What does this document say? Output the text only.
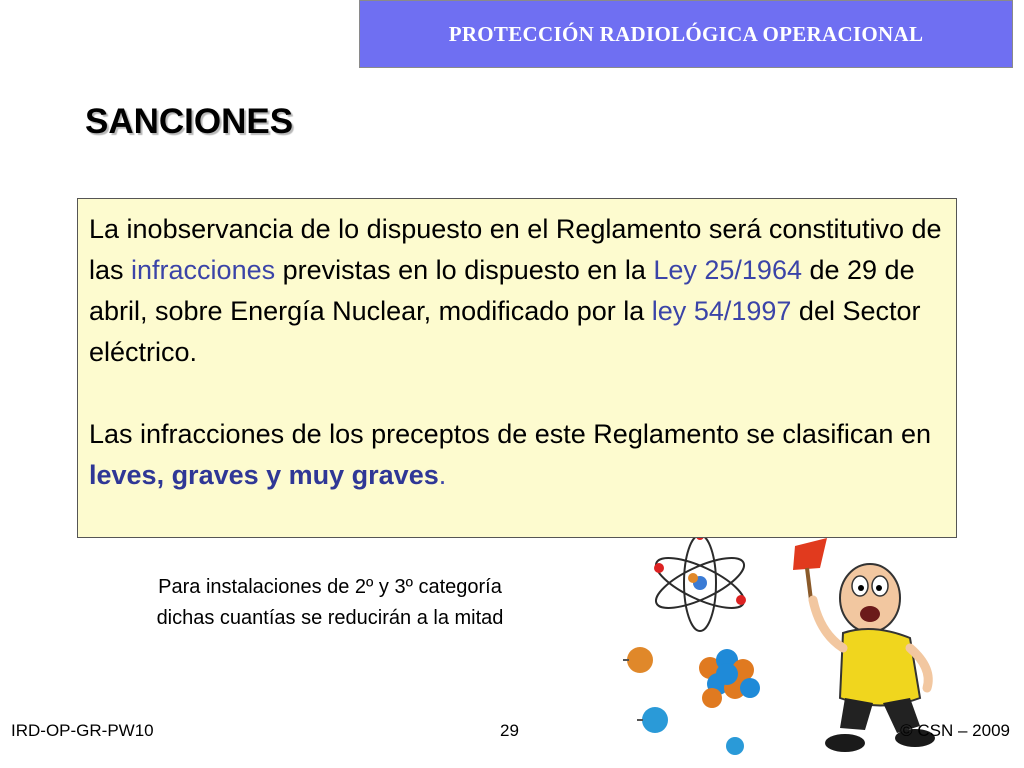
PROTECCIÓN RADIOLÓGICA OPERACIONAL
SANCIONES

La inobservancia de lo dispuesto en el Reglamento será constitutivo de las infracciones previstas en lo dispuesto en la Ley 25/1964 de 29 de abril, sobre Energía Nuclear, modificado por la ley 54/1997 del Sector eléctrico.

Las infracciones de los preceptos de este Reglamento se clasifican en leves, graves y muy graves.

Para instalaciones de 2º y 3º categoría
dichas cuantías se reducirán a la mitad
IRD-OP-GR-PW10	29	© CSN – 2009
